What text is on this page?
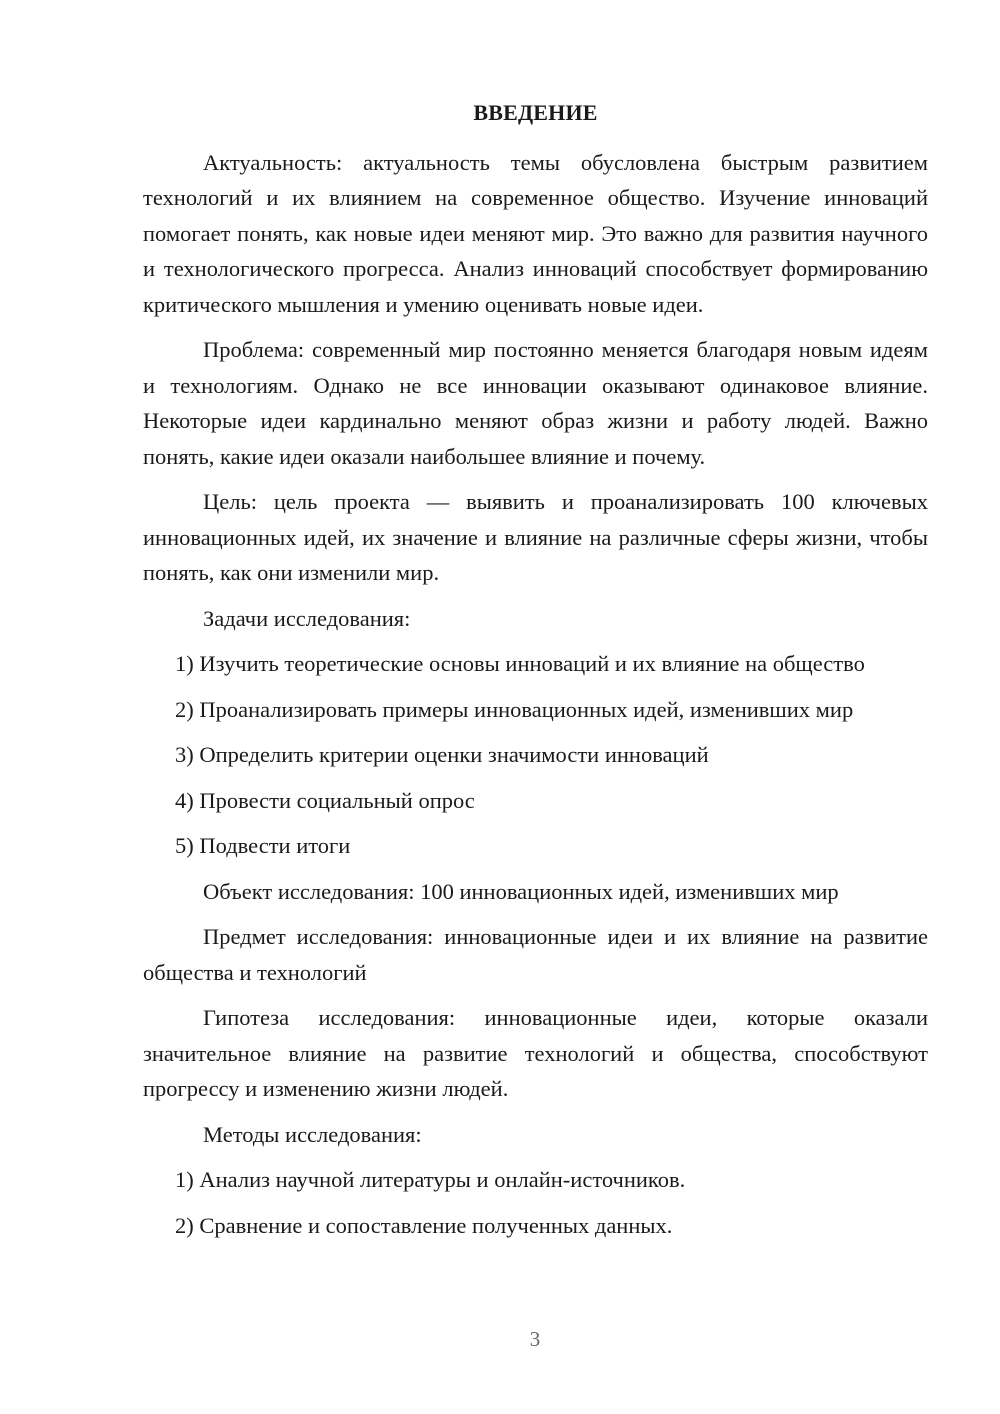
ВВЕДЕНИЕ

Актуальность: актуальность темы обусловлена быстрым развитием технологий и их влиянием на современное общество. Изучение инноваций помогает понять, как новые идеи меняют мир. Это важно для развития научного и технологического прогресса. Анализ инноваций способствует формированию критического мышления и умению оценивать новые идеи.

Проблема: современный мир постоянно меняется благодаря новым идеям и технологиям. Однако не все инновации оказывают одинаковое влияние. Некоторые идеи кардинально меняют образ жизни и работу людей. Важно понять, какие идеи оказали наибольшее влияние и почему.

Цель: цель проекта — выявить и проанализировать 100 ключевых инновационных идей, их значение и влияние на различные сферы жизни, чтобы понять, как они изменили мир.

Задачи исследования:

1) Изучить теоретические основы инноваций и их влияние на общество

2) Проанализировать примеры инновационных идей, изменивших мир

3) Определить критерии оценки значимости инноваций

4) Провести социальный опрос

5) Подвести итоги

Объект исследования: 100 инновационных идей, изменивших мир

Предмет исследования: инновационные идеи и их влияние на развитие общества и технологий

Гипотеза исследования: инновационные идеи, которые оказали значительное влияние на развитие технологий и общества, способствуют прогрессу и изменению жизни людей.

Методы исследования:

1) Анализ научной литературы и онлайн-источников.

2) Сравнение и сопоставление полученных данных.

3
